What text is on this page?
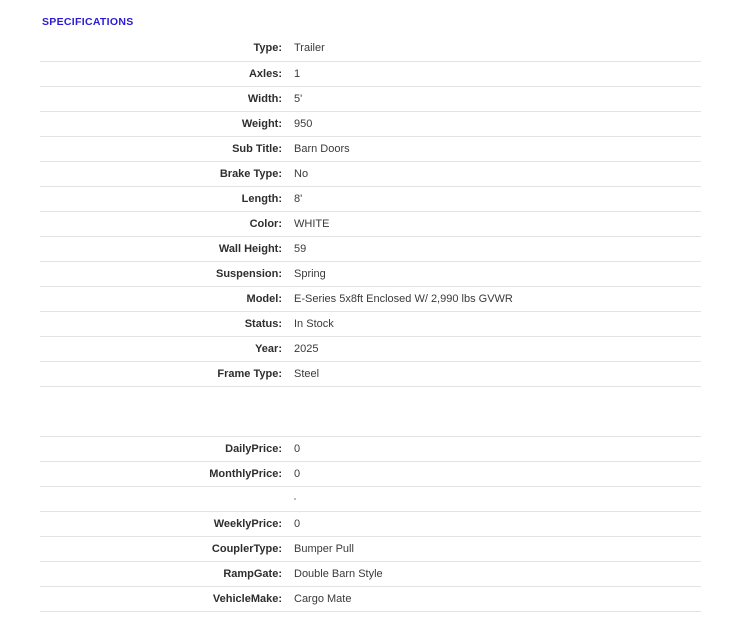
SPECIFICATIONS
Type:	Trailer
Axles:	1
Width:	5'
Weight:	950
Sub Title:	Barn Doors
Brake Type:	No
Length:	8'
Color:	WHITE
Wall Height:	59
Suspension:	Spring
Model:	E-Series 5x8ft Enclosed W/ 2,990 lbs GVWR
Status:	In Stock
Year:	2025
Frame Type:	Steel

DailyPrice:	0
MonthlyPrice:	0

WeeklyPrice:	0
CouplerType:	Bumper Pull
RampGate:	Double Barn Style
VehicleMake:	Cargo Mate
